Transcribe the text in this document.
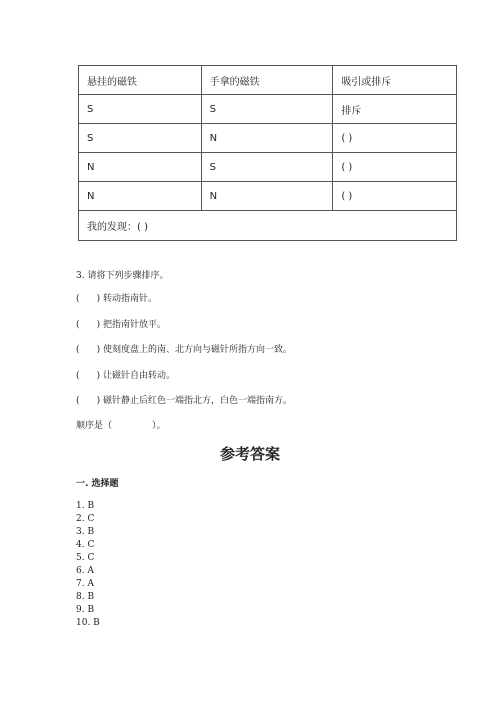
悬挂的磁铁	手拿的磁铁	吸引或排斥
S	S	排斥
S	N	( )
N	S	( )
N	N	( )
我的发现：( )		
3. 请将下列步骤排序。
(      ) 转动指南针。
(      ) 把指南针放平。
(      ) 使刻度盘上的南、北方向与磁针所指方向一致。
(      ) 让磁针自由转动。
(      ) 磁针静止后红色一端指北方，白色一端指南方。
顺序是（              ）。
参考答案
一. 选择题
1. B
2. C
3. B
4. C
5. C
6. A
7. A
8. B
9. B
10. B
